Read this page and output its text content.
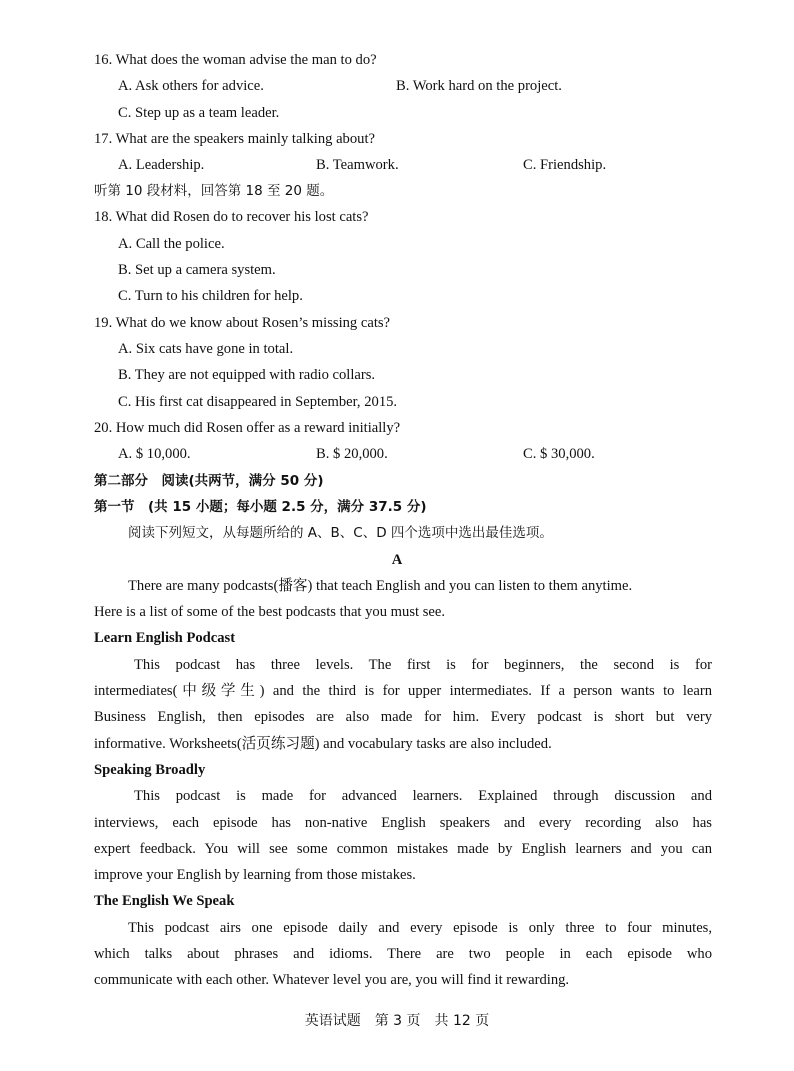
16. What does the woman advise the man to do?
A. Ask others for advice.	B. Work hard on the project.
C. Step up as a team leader.
17. What are the speakers mainly talking about?
A. Leadership.	B. Teamwork.	C. Friendship.
听第 10 段材料，回答第 18 至 20 题。
18. What did Rosen do to recover his lost cats?
A. Call the police.
B. Set up a camera system.
C. Turn to his children for help.
19. What do we know about Rosen’s missing cats?
A. Six cats have gone in total.
B. They are not equipped with radio collars.
C. His first cat disappeared in September, 2015.
20. How much did Rosen offer as a reward initially?
A. $ 10,000.	B. $ 20,000.	C. $ 30,000.
第二部分　阅读(共两节，满分 50 分)
第一节　(共 15 小题；每小题 2.5 分，满分 37.5 分)
阅读下列短文，从每题所给的 A、B、C、D 四个选项中选出最佳选项。
A
There are many podcasts(播客) that teach English and you can listen to them anytime.
Here is a list of some of the best podcasts that you must see.
Learn English Podcast
This podcast has three levels. The first is for beginners, the second is for
intermediates(中级学生) and the third is for upper intermediates. If a person wants to learn
Business English, then episodes are also made for him. Every podcast is short but very
informative. Worksheets(活页练习题) and vocabulary tasks are also included.
Speaking Broadly
This podcast is made for advanced learners. Explained through discussion and
interviews, each episode has non-native English speakers and every recording also has
expert feedback. You will see some common mistakes made by English learners and you can
improve your English by learning from those mistakes.
The English We Speak
This podcast airs one episode daily and every episode is only three to four minutes,
which talks about phrases and idioms. There are two people in each episode who
communicate with each other. Whatever level you are, you will find it rewarding.
英语试题　第 3 页　共 12 页
